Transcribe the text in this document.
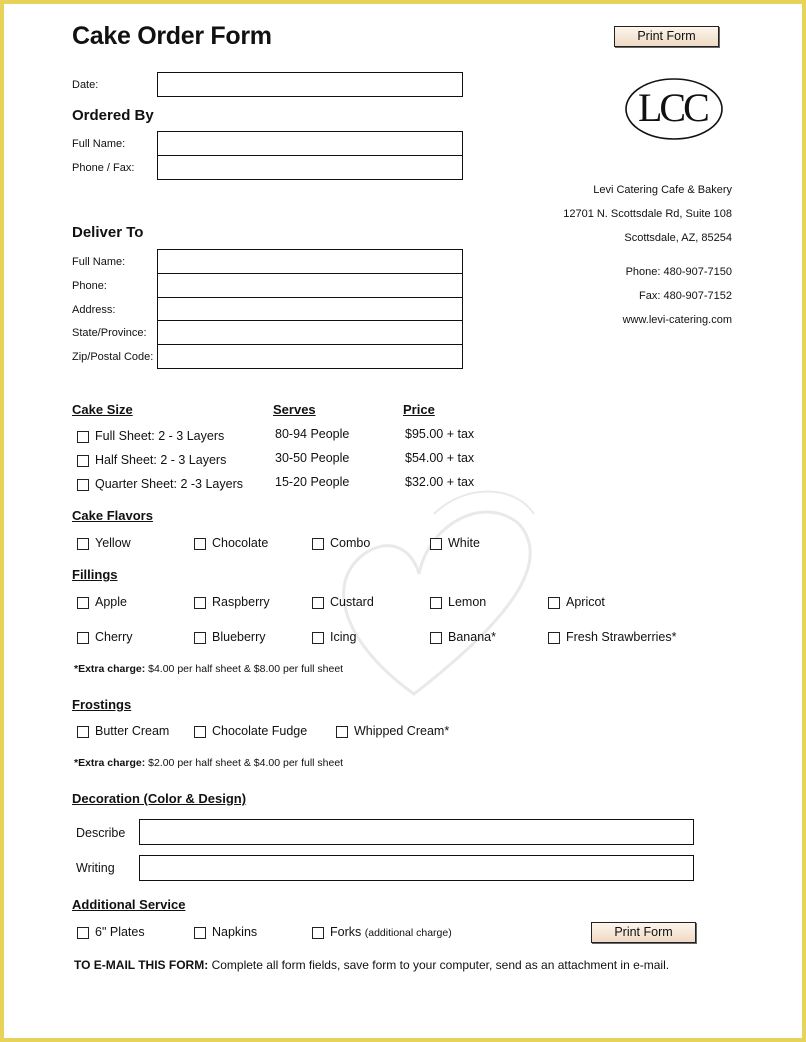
Cake Order Form	Print Form
LCC
Levi Catering Cafe & Bakery
12701 N. Scottsdale Rd, Suite 108
Scottsdale, AZ, 85254
Phone: 480-907-7150
Fax: 480-907-7152
www.levi-catering.com
Date:
Ordered By
Full Name:
Phone / Fax:
Deliver To
Full Name:
Phone:
Address:
State/Province:
Zip/Postal Code:
Cake Size	Serves	Price
Full Sheet: 2 - 3 Layers	80-94 People	$95.00 + tax
Half Sheet: 2 - 3 Layers	30-50 People	$54.00 + tax
Quarter Sheet: 2 -3 Layers	15-20 People	$32.00 + tax
Cake Flavors
Yellow	Chocolate	Combo	White
Fillings
Apple	Raspberry	Custard	Lemon	Apricot
Cherry	Blueberry	Icing	Banana*	Fresh Strawberries*
*Extra charge: $4.00 per half sheet & $8.00 per full sheet
Frostings
Butter Cream	Chocolate Fudge	Whipped Cream*
*Extra charge: $2.00 per half sheet & $4.00 per full sheet
Decoration (Color & Design)
Describe
Writing
Additional Service
6" Plates	Napkins	Forks (additional charge)	Print Form
TO E-MAIL THIS FORM: Complete all form fields, save form to your computer, send as an attachment in e-mail.
